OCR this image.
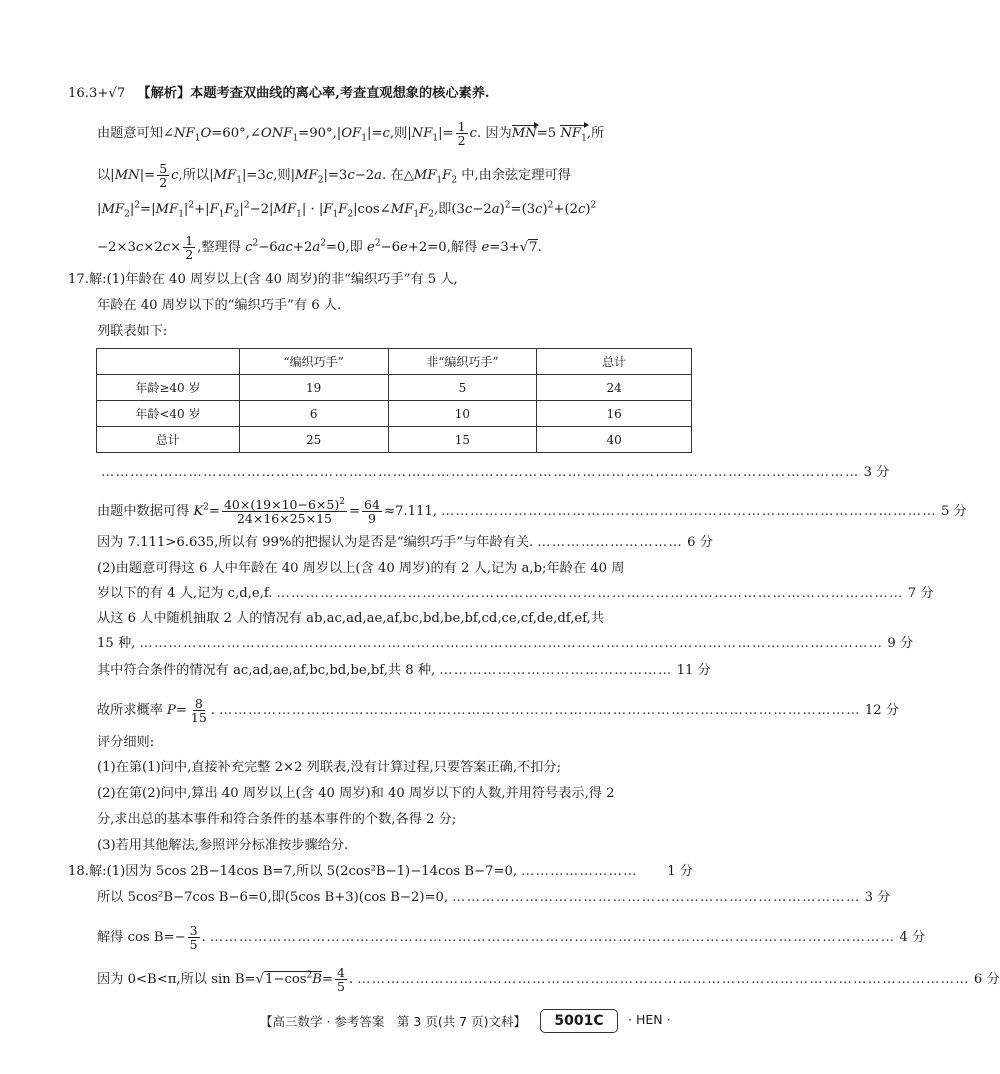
16.3+√7 【解析】本题考查双曲线的离心率,考查直观想象的核心素养.
由题意可知$\angle NF_1O=60^\circ,\angle ONF_1=90^\circ,|OF_1|=c$,则$|NF_1|= \frac{1}{2} c$. 因为MN=5 $NF_1$,所
以$|MN|= \frac{5}{2} c$,所以$|MF_1|=3c$,则$|MF_2|=3c-2a$. 在$\triangle MF_1F_2$ 中,由余弦定理可得
$|MF_2|^2=|MF_1|^2+|F_1F_2|^2-2|MF_1|$ · $|F_1F_2|\cos\angle MF_1F_2$,即$(3c-2a)^2=(3c)^2+(2c)^2$
$-2\times 3c\times 2c\times \frac{1}{2}$ ,整理得 $c^2-6ac+2a^2=0$,即 $e^2-6e+2=0$,解得 e=3+√7.
17.解:(1)年龄在 40 周岁以上(含 40 周岁)的非“编织巧手”有 5 人,
年龄在 40 周岁以下的“编织巧手”有 6 人.
列联表如下:
	“编织巧手”	非“编织巧手”	总计
年龄≥40 岁	19	5	24
年龄<40 岁	6	10	16
总计	25	15	40
………………………………………………………………………………………………………………………………………… 3 分
由题中数据可得 $K^2= \frac{40\times(19\times 10-6\times 5)^2}{24\times 16\times 25\times 15} = \frac{64}{9} \approx 7.111$, ………………………………………………………………………………………… 5 分
因为 7.111>6.635,所以有 99%的把握认为是否是“编织巧手”与年龄有关. ………………………… 6 分
(2)由题意可得这 6 人中年龄在 40 周岁以上(含 40 周岁)的有 2 人,记为 a,b;年龄在 40 周
岁以下的有 4 人,记为 c,d,e,f. ………………………………………………………………………………………………………………… 7 分
从这 6 人中随机抽取 2 人的情况有 ab,ac,ad,ae,af,bc,bd,be,bf,cd,ce,cf,de,df,ef,共
15 种, ……………………………………………………………………………………………………………………………………… 9 分
其中符合条件的情况有 ac,ad,ae,af,bc,bd,be,bf,共 8 种, ………………………………………… 11 分
故所求概率 $P= \frac{8}{15}$ . …………………………………………………………………………………………………………………… 12 分
评分细则:
(1)在第(1)问中,直接补充完整 2×2 列联表,没有计算过程,只要答案正确,不扣分;
(2)在第(2)问中,算出 40 周岁以上(含 40 周岁)和 40 周岁以下的人数,并用符号表示,得 2
分,求出总的基本事件和符合条件的基本事件的个数,各得 2 分;
(3)若用其他解法,参照评分标准按步骤给分.
18. 解:(1)因为 5cos 2B−14cos B=7,所以 5(2cos²B−1)−14cos B−7=0, ……………………	1 分
所以 5cos²B−7cos B−6=0,即(5cos B+3)(cos B−2)=0, ………………………………………………………………………… 3 分
解得 $\cos B=- \frac{3}{5}$ . …………………………………………………………………………………………………………………………… 4 分
因为 0<B<π,所以 $\sin B= √1-\cos^2B= \frac{4}{5}$ . ……………………………………………………………………………………………………………… 6 分
【高三数学 · 参考答案　第 3 页(共 7 页)文科】	5001C	· HEN ·
